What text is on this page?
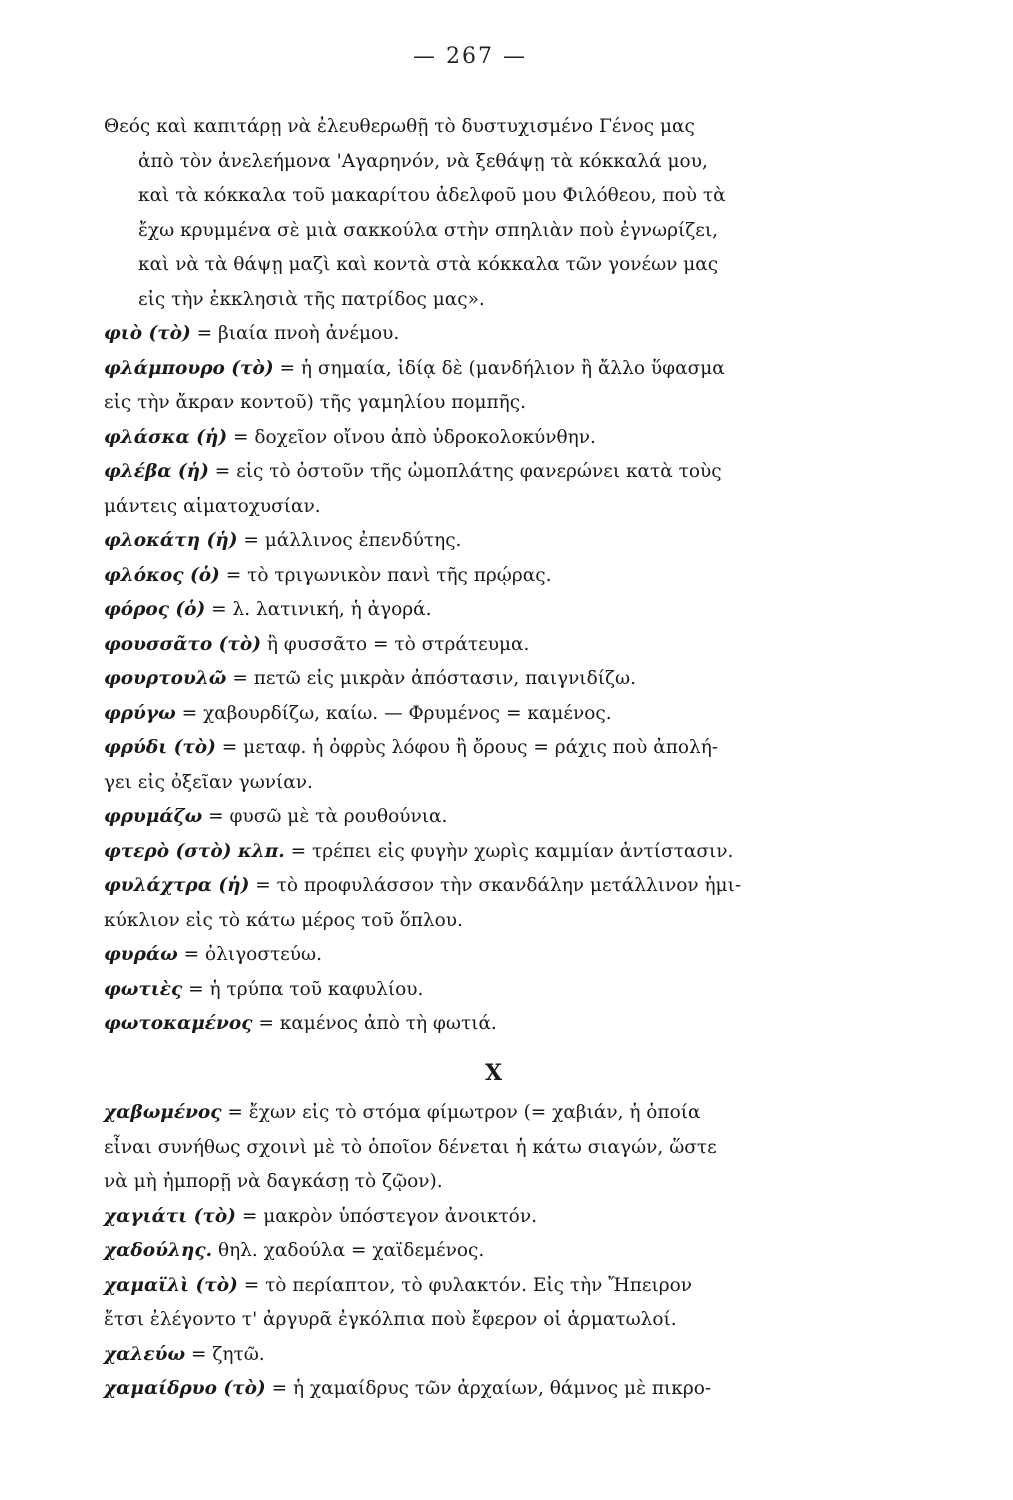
— 267 —
Θεός καὶ καπιτάρῃ νὰ ἐλευθερωθῇ τὸ δυστυχισμένο Γένος μας
ἀπὸ τὸν ἀνελεήμονα 'Αγαρηνόν, νὰ ξεθάψῃ τὰ κόκκαλά μου,
καὶ τὰ κόκκαλα τοῦ μακαρίτου ἀδελφοῦ μου Φιλόθεου, ποὺ τὰ
ἔχω κρυμμένα σὲ μιὰ σακκούλα στὴν σπηλιὰν ποὺ ἐγνωρίζει,
καὶ νὰ τὰ θάψῃ μαζὶ καὶ κοντὰ στὰ κόκκαλα τῶν γονέων μας
εἰς τὴν ἐκκλησιὰ τῆς πατρίδος μας».
φιὸ (τὸ) = βιαία πνοὴ ἀνέμου.
φλάμπουρο (τὸ) = ἡ σημαία, ἰδίᾳ δὲ (μανδήλιον ἢ ἄλλο ὕφασμα
εἰς τὴν ἄκραν κοντοῦ) τῆς γαμηλίου πομπῆς.
φλάσκα (ἡ) = δοχεῖον οἴνου ἀπὸ ὑδροκολοκύνθην.
φλέβα (ἡ) = εἰς τὸ ὀστοῦν τῆς ὠμοπλάτης φανερώνει κατὰ τοὺς
μάντεις αἱματοχυσίαν.
φλοκάτη (ἡ) = μάλλινος ἐπενδύτης.
φλόκος (ὁ) = τὸ τριγωνικὸν πανὶ τῆς πρῴρας.
φόρος (ὁ) = λ. λατινική, ἡ ἀγορά.
φουσσᾶτο (τὸ) ἢ φυσσᾶτο = τὸ στράτευμα.
φουρτουλῶ = πετῶ εἰς μικρὰν ἀπόστασιν, παιγνιδίζω.
φρύγω = χαβουρδίζω, καίω. — Φρυμένος = καμένος.
φρύδι (τὸ) = μεταφ. ἡ ὀφρὺς λόφου ἢ ὄρους = ράχις ποὺ ἀπολή-
γει εἰς ὀξεῖαν γωνίαν.
φρυμάζω = φυσῶ μὲ τὰ ρουθούνια.
φτερὸ (στὸ) κλπ. = τρέπει εἰς φυγὴν χωρὶς καμμίαν ἀντίστασιν.
φυλάχτρα (ἡ) = τὸ προφυλάσσον τὴν σκανδάλην μετάλλινον ἡμι-
κύκλιον εἰς τὸ κάτω μέρος τοῦ ὅπλου.
φυράω = ὀλιγοστεύω.
φωτιὲς = ἡ τρύπα τοῦ καφυλίου.
φωτοκαμένος = καμένος ἀπὸ τὴ φωτιά.
Χ
χαβωμένος = ἔχων εἰς τὸ στόμα φίμωτρον (= χαβιάν, ἡ ὁποία
εἶναι συνήθως σχοινὶ μὲ τὸ ὁποῖον δένεται ἡ κάτω σιαγών, ὥστε
νὰ μὴ ἠμπορῇ νὰ δαγκάσῃ τὸ ζῷον).
χαγιάτι (τὸ) = μακρὸν ὑπόστεγον ἀνοικτόν.
χαδούλης. θηλ. χαδούλα = χαϊδεμένος.
χαμαϊλὶ (τὸ) = τὸ περίαπτον, τὸ φυλακτόν. Εἰς τὴν Ἤπειρον
ἔτσι ἐλέγοντο τ' ἀργυρᾶ ἐγκόλπια ποὺ ἔφερον οἱ ἁρματωλοί.
χαλεύω = ζητῶ.
χαμαίδρυο (τὸ) = ἡ χαμαίδρυς τῶν ἀρχαίων, θάμνος μὲ πικρο-
